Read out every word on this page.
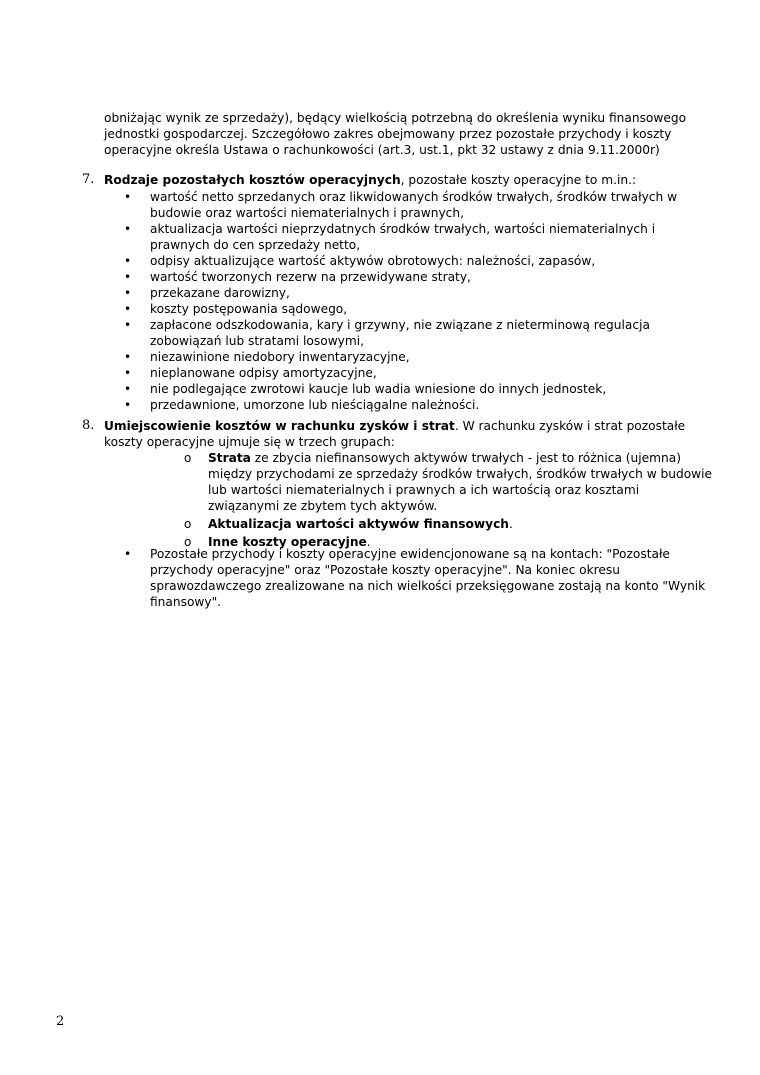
obniżając wynik ze sprzedaży), będący wielkością potrzebną do określenia wyniku finansowego jednostki gospodarczej. Szczegółowo zakres obejmowany przez pozostałe przychody i koszty operacyjne określa Ustawa o rachunkowości (art.3, ust.1, pkt 32 ustawy z dnia 9.11.2000r)
7. Rodzaje pozostałych kosztów operacyjnych, pozostałe koszty operacyjne to m.in.:
• wartość netto sprzedanych oraz likwidowanych środków trwałych, środków trwałych w budowie oraz wartości niematerialnych i prawnych,
• aktualizacja wartości nieprzydatnych środków trwałych, wartości niematerialnych i prawnych do cen sprzedaży netto,
• odpisy aktualizujące wartość aktywów obrotowych: należności, zapasów,
• wartość tworzonych rezerw na przewidywane straty,
• przekazane darowizny,
• koszty postępowania sądowego,
• zapłacone odszkodowania, kary i grzywny, nie związane z nieterminową regulacja zobowiązań lub stratami losowymi,
• niezawinione niedobory inwentaryzacyjne,
• nieplanowane odpisy amortyzacyjne,
• nie podlegające zwrotowi kaucje lub wadia wniesione do innych jednostek,
• przedawnione, umorzone lub nieściągalne należności.
8. Umiejscowienie kosztów w rachunku zysków i strat. W rachunku zysków i strat pozostałe koszty operacyjne ujmuje się w trzech grupach:
o Strata ze zbycia niefinansowych aktywów trwałych - jest to różnica (ujemna) między przychodami ze sprzedaży środków trwałych, środków trwałych w budowie lub wartości niematerialnych i prawnych a ich wartością oraz kosztami związanymi ze zbytem tych aktywów.
o Aktualizacja wartości aktywów finansowych.
o Inne koszty operacyjne.
• Pozostałe przychody i koszty operacyjne ewidencjonowane są na kontach: "Pozostałe przychody operacyjne" oraz "Pozostałe koszty operacyjne". Na koniec okresu sprawozdawczego zrealizowane na nich wielkości przeksięgowane zostają na konto "Wynik finansowy".
2
